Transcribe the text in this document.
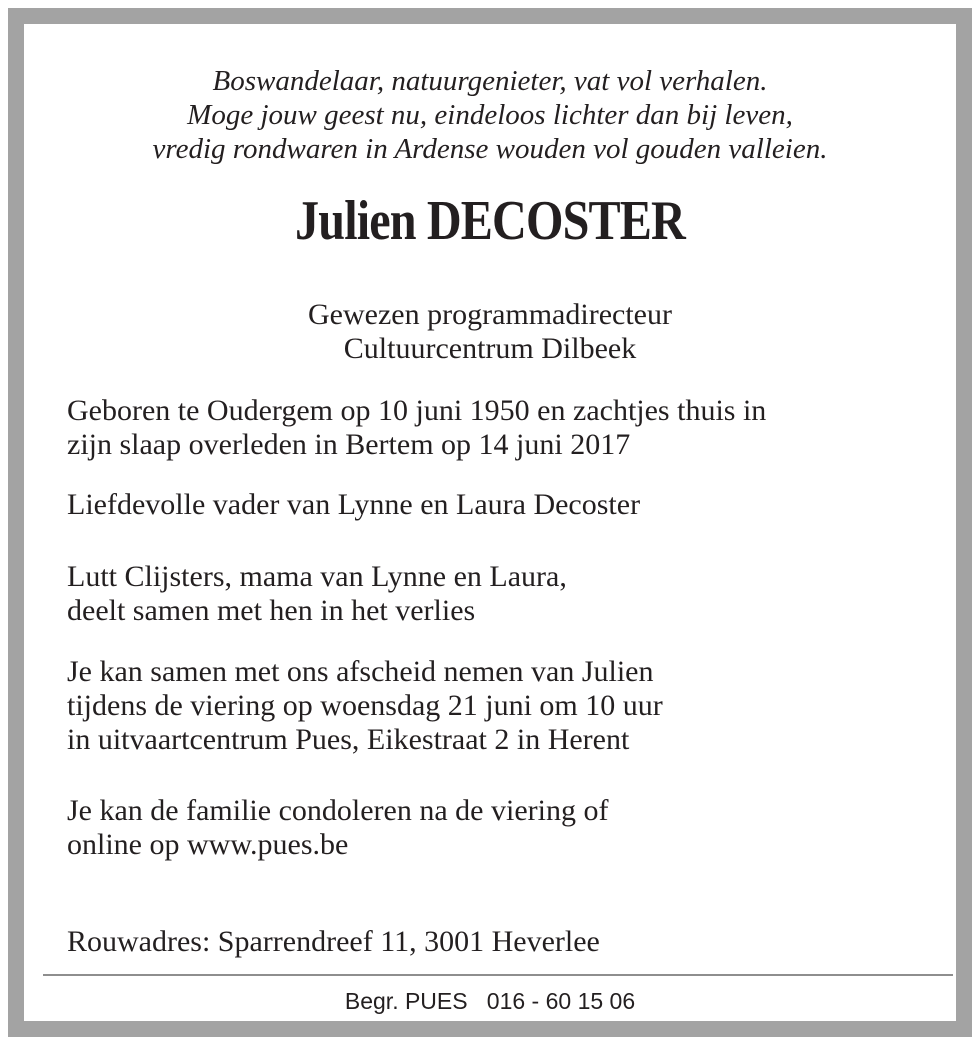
Boswandelaar, natuurgenieter, vat vol verhalen.
Moge jouw geest nu, eindeloos lichter dan bij leven,
vredig rondwaren in Ardense wouden vol gouden valleien.
Julien DECOSTER
Gewezen programmadirecteur
Cultuurcentrum Dilbeek
Geboren te Oudergem op 10 juni 1950 en zachtjes thuis in
zijn slaap overleden in Bertem op 14 juni 2017
Liefdevolle vader van Lynne en Laura Decoster
Lutt Clijsters, mama van Lynne en Laura,
deelt samen met hen in het verlies
Je kan samen met ons afscheid nemen van Julien
tijdens de viering op woensdag 21 juni om 10 uur
in uitvaartcentrum Pues, Eikestraat 2 in Herent
Je kan de familie condoleren na de viering of
online op www.pues.be
Rouwadres: Sparrendreef 11, 3001 Heverlee
Begr. PUES 016 - 60 15 06
